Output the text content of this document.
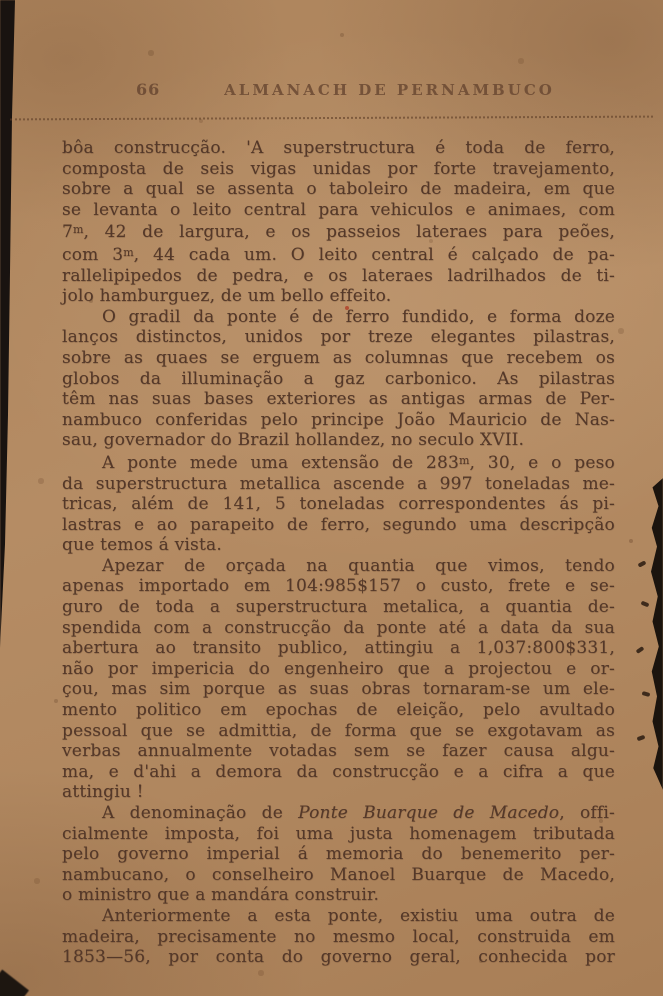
66	ALMANACH DE PERNAMBUCO
bôa construcção. 'A superstructura é toda de ferro,
composta de seis vigas unidas por forte travejamento,
sobre a qual se assenta o taboleiro de madeira, em que
se levanta o leito central para vehiculos e animaes, com
7$^m$, 42 de largura, e os passeios lateraes para peões,
com 3$^m$, 44 cada um. O leito central é calçado de pa-
rallelipipedos de pedra, e os lateraes ladrilhados de ti-
jolo hamburguez, de um bello effeito.
O gradil da ponte é de ferro fundido, e forma doze
lanços distinctos, unidos por treze elegantes pilastras,
sobre as quaes se erguem as columnas que recebem os
globos da illuminação a gaz carbonico. As pilastras
têm nas suas bases exteriores as antigas armas de Per-
nambuco conferidas pelo principe João Mauricio de Nas-
sau, governador do Brazil hollandez, no seculo XVII.
A ponte mede uma extensão de 283$^m$, 30, e o peso
da superstructura metallica ascende a 997 toneladas me-
tricas, além de 141, 5 toneladas correspondentes ás pi-
lastras e ao parapeito de ferro, segundo uma descripção
que temos á vista.
Apezar de orçada na quantia que vimos, tendo
apenas importado em 104:985$157 o custo, frete e se-
guro de toda a superstructura metalica, a quantia de-
spendida com a construcção da ponte até a data da sua
abertura ao transito publico, attingiu a 1,037:800$331,
não por impericia do engenheiro que a projectou e or-
çou, mas sim porque as suas obras tornaram-se um ele-
mento politico em epochas de eleição, pelo avultado
pessoal que se admittia, de forma que se exgotavam as
verbas annualmente votadas sem se fazer causa algu-
ma, e d'ahi a demora da construcção e a cifra a que
attingiu !
A denominação de Ponte Buarque de Macedo, offi-
cialmente imposta, foi uma justa homenagem tributada
pelo governo imperial á memoria do benemerito per-
nambucano, o conselheiro Manoel Buarque de Macedo,
o ministro que a mandára construir.
Anteriormente a esta ponte, existiu uma outra de
madeira, precisamente no mesmo local, construida em
1853—56, por conta do governo geral, conhecida por
